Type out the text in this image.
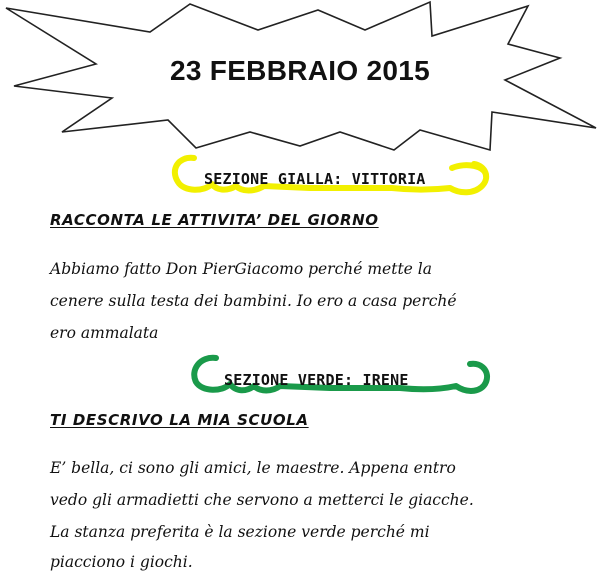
23 FEBBRAIO 2015
SEZIONE GIALLA: VITTORIA
RACCONTA LE ATTIVITA’ DEL GIORNO
Abbiamo fatto Don PierGiacomo perché mette la
cenere sulla testa dei bambini. Io ero a casa perché
ero ammalata
SEZIONE VERDE: IRENE
TI DESCRIVO LA MIA SCUOLA
E’ bella, ci sono gli amici, le maestre. Appena entro
vedo gli armadietti che servono a metterci le giacche.
La stanza preferita è la sezione verde perché mi
piacciono i giochi.
